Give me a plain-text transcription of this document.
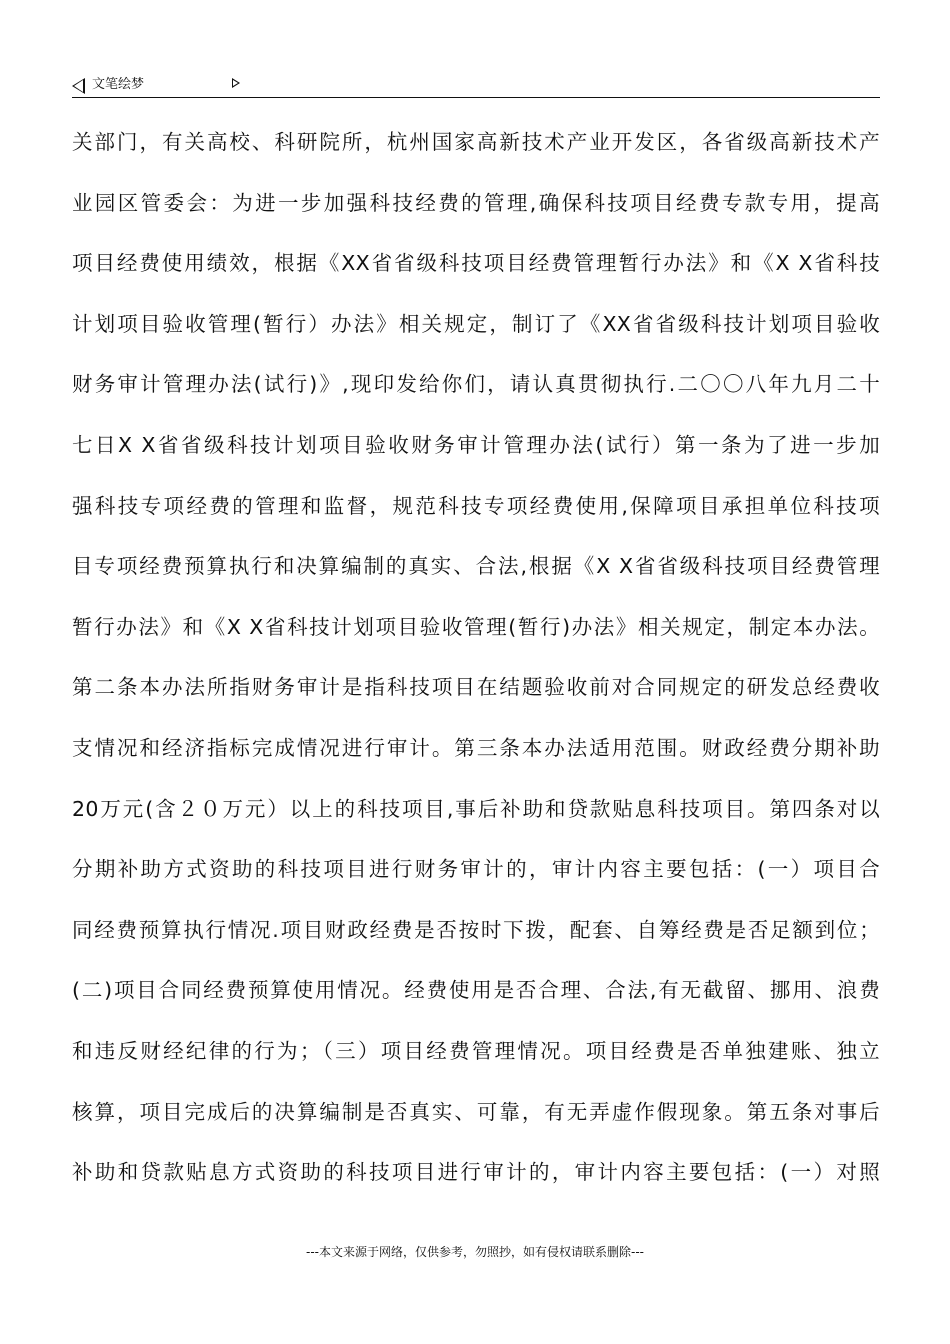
文笔绘梦
关部门，有关高校、科研院所，杭州国家高新技术产业开发区，各省级高新技术产
业园区管委会：为进一步加强科技经费的管理,确保科技项目经费专款专用，提高
项目经费使用绩效，根据《XX省省级科技项目经费管理暂行办法》和《X X省科技
计划项目验收管理(暂行）办法》相关规定，制订了《XX省省级科技计划项目验收
财务审计管理办法(试行)》,现印发给你们，请认真贯彻执行.二〇〇八年九月二十
七日X X省省级科技计划项目验收财务审计管理办法(试行）第一条为了进一步加
强科技专项经费的管理和监督，规范科技专项经费使用,保障项目承担单位科技项
目专项经费预算执行和决算编制的真实、合法,根据《X X省省级科技项目经费管理
暂行办法》和《X X省科技计划项目验收管理(暂行)办法》相关规定，制定本办法。
第二条本办法所指财务审计是指科技项目在结题验收前对合同规定的研发总经费收
支情况和经济指标完成情况进行审计。第三条本办法适用范围。财政经费分期补助
20万元(含２０万元）以上的科技项目,事后补助和贷款贴息科技项目。第四条对以
分期补助方式资助的科技项目进行财务审计的，审计内容主要包括：(一）项目合
同经费预算执行情况.项目财政经费是否按时下拨，配套、自筹经费是否足额到位；
(二)项目合同经费预算使用情况。经费使用是否合理、合法,有无截留、挪用、浪费
和违反财经纪律的行为；（三）项目经费管理情况。项目经费是否单独建账、独立
核算，项目完成后的决算编制是否真实、可靠，有无弄虚作假现象。第五条对事后
补助和贷款贴息方式资助的科技项目进行审计的，审计内容主要包括：(一）对照
---本文来源于网络，仅供参考，勿照抄，如有侵权请联系删除---
